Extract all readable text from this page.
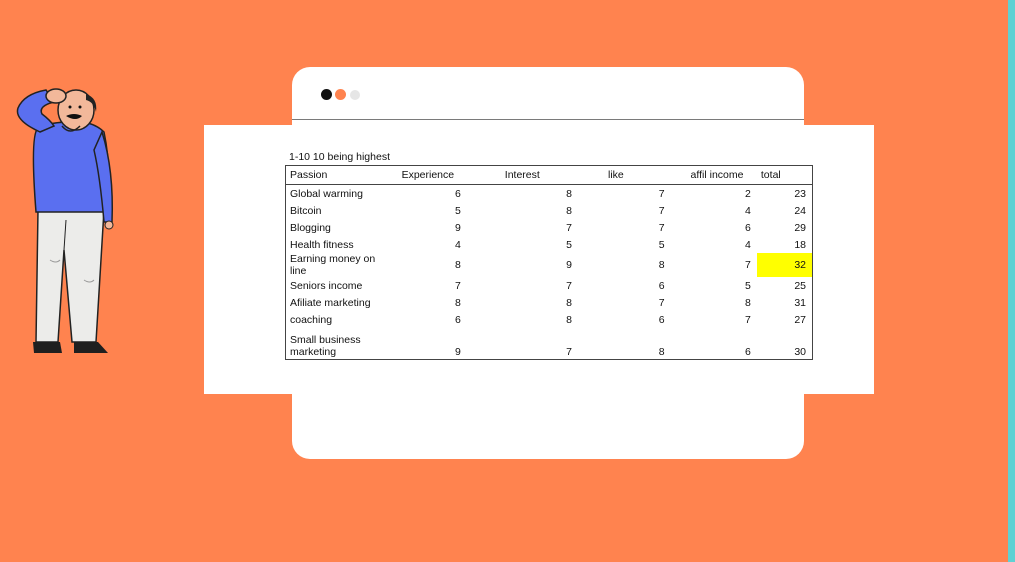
1-10 10 being highest
Passion	Experience	Interest	like	affil income	total
Global warming	6	8	7	2	23
Bitcoin	5	8	7	4	24
Blogging	9	7	7	6	29
Health fitness	4	5	5	4	18
Earning money on line	8	9	8	7	32
Seniors income	7	7	6	5	25
Afiliate marketing	8	8	7	8	31
coaching	6	8	6	7	27

Small business
marketing	9	7	8	6	30
